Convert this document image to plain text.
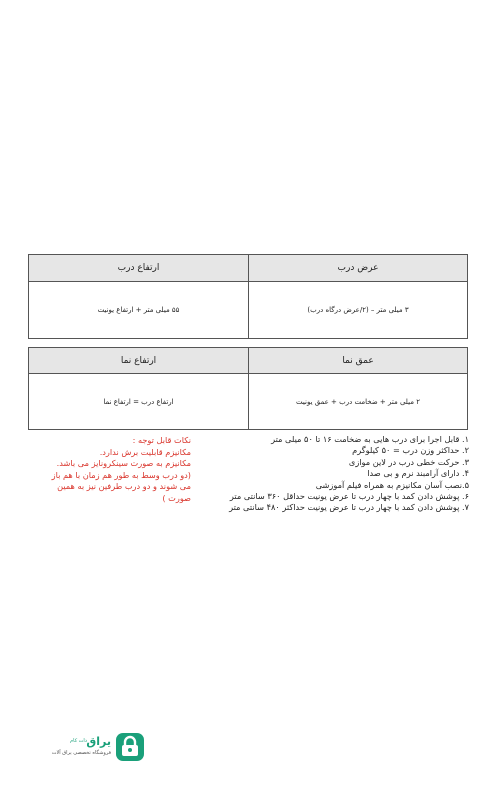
عرض درب
ارتفاع درب
۳ میلی متر – (۲/عرض درگاه درب)
۵۵ میلی متر + ارتفاع یونیت
عمق نما
ارتفاع نما
۲ میلی متر + ضخامت درب + عمق یونیت
ارتفاع درب = ارتفاع نما
۱. قابل اجرا برای درب هایی به ضخامت ۱۶ تا ۵۰ میلی متر
۲. حداکثر وزن درب = ۵۰ کیلوگرم
۳. حرکت خطی درب در لاین موازی
۴. دارای آرامبند نرم و بی صدا
۵.نصب آسان مکانیزم به همراه فیلم آموزشی
۶. پوشش دادن کمد با چهار درب تا عرض یونیت حداقل ۳۶۰ سانتی متر
۷. پوشش دادن کمد با چهار درب تا عرض یونیت حداکثر ۴۸۰ سانتی متر
نکات قابل توجه :
مکانیزم قابلیت برش ندارد.
مکانیزم به صورت سینکرونایز می باشد.
(دو درب وسط به طور هم زمان با هم باز
می شوند و دو درب طرفین نیز به همین
صورت )
یراق
دات کام
فروشگاه تخصصی یراق آلات
